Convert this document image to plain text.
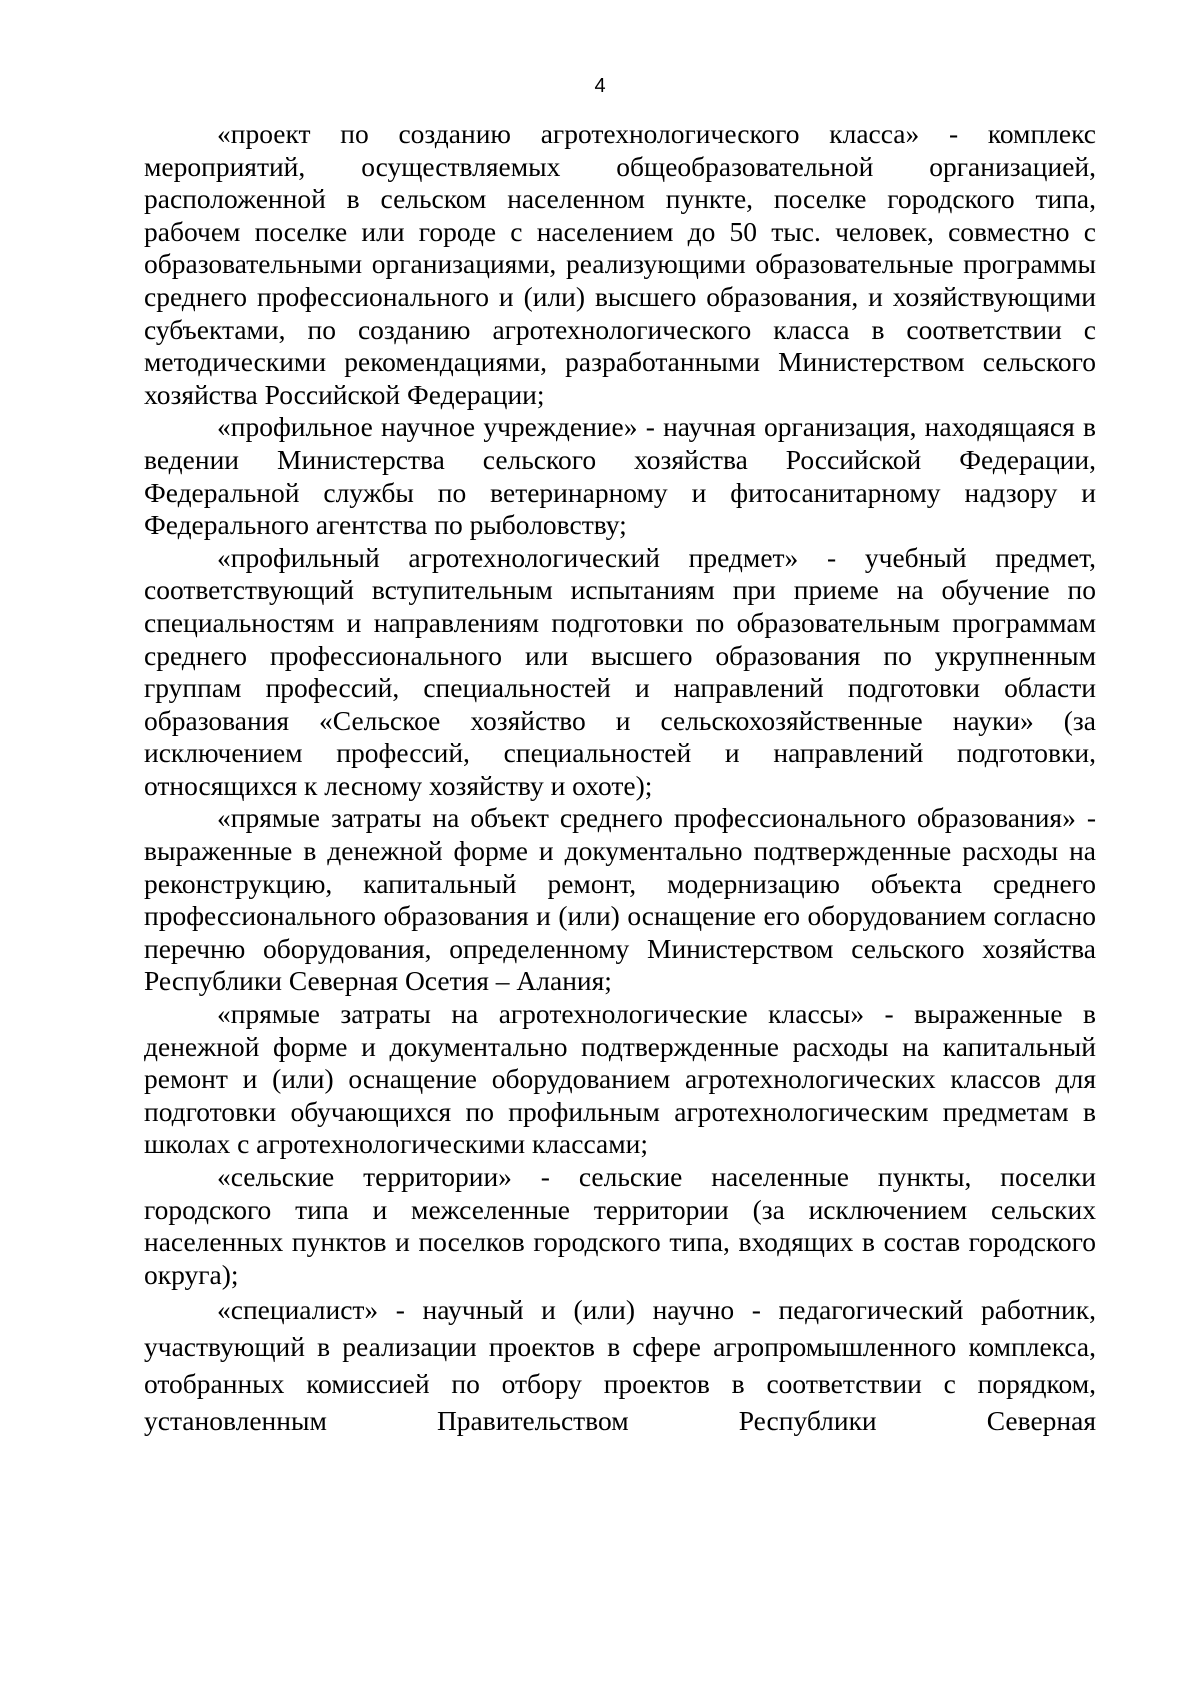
4

«проект по созданию агротехнологического класса» - комплекс мероприятий, осуществляемых общеобразовательной организацией, расположенной в сельском населенном пункте, поселке городского типа, рабочем поселке или городе с населением до 50 тыс. человек, совместно с образовательными организациями, реализующими образовательные программы среднего профессионального и (или) высшего образования, и хозяйствующими субъектами, по созданию агротехнологического класса в соответствии с методическими рекомендациями, разработанными Министерством сельского хозяйства Российской Федерации;

«профильное научное учреждение» - научная организация, находящаяся в ведении Министерства сельского хозяйства Российской Федерации, Федеральной службы по ветеринарному и фитосанитарному надзору и Федерального агентства по рыболовству;

«профильный агротехнологический предмет» - учебный предмет, соответствующий вступительным испытаниям при приеме на обучение по специальностям и направлениям подготовки по образовательным программам среднего профессионального или высшего образования по укрупненным группам профессий, специальностей и направлений подготовки области образования «Сельское хозяйство и сельскохозяйственные науки» (за исключением профессий, специальностей и направлений подготовки, относящихся к лесному хозяйству и охоте);

«прямые затраты на объект среднего профессионального образования» - выраженные в денежной форме и документально подтвержденные расходы на реконструкцию, капитальный ремонт, модернизацию объекта среднего профессионального образования и (или) оснащение его оборудованием согласно перечню оборудования, определенному Министерством сельского хозяйства Республики Северная Осетия – Алания;

«прямые затраты на агротехнологические классы» - выраженные в денежной форме и документально подтвержденные расходы на капитальный ремонт и (или) оснащение оборудованием агротехнологических классов для подготовки обучающихся по профильным агротехнологическим предметам в школах с агротехнологическими классами;

«сельские территории» - сельские населенные пункты, поселки городского типа и межселенные территории (за исключением сельских населенных пунктов и поселков городского типа, входящих в состав городского округа);

«специалист» - научный и (или) научно - педагогический работник, участвующий в реализации проектов в сфере агропромышленного комплекса, отобранных комиссией по отбору проектов в соответствии с порядком, установленным Правительством Республики Северная
